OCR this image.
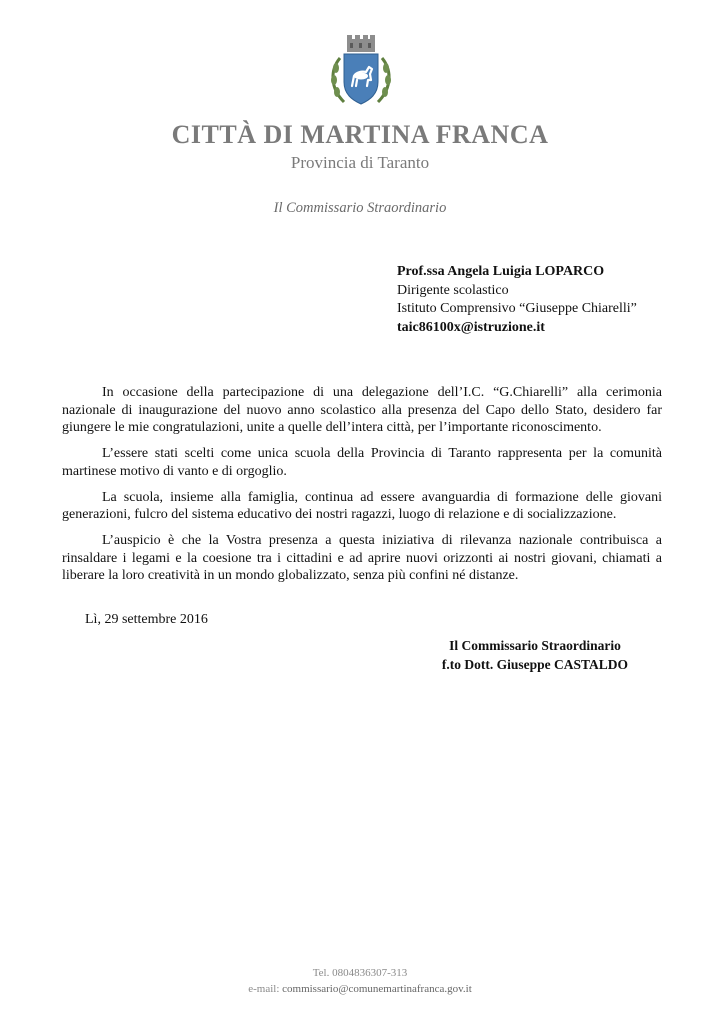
CITTÀ DI MARTINA FRANCA
Provincia di Taranto
Il Commissario Straordinario
Prof.ssa Angela Luigia LOPARCO
Dirigente scolastico
Istituto Comprensivo “Giuseppe Chiarelli”
taic86100x@istruzione.it

In occasione della partecipazione di una delegazione dell’I.C. “G.Chiarelli” alla cerimonia nazionale di inaugurazione del nuovo anno scolastico alla presenza del Capo dello Stato, desidero far giungere le mie congratulazioni, unite a quelle dell’intera città, per l’importante riconoscimento.

L’essere stati scelti come unica scuola della Provincia di Taranto rappresenta per la comunità martinese motivo di vanto e di orgoglio.

La scuola, insieme alla famiglia, continua ad essere avanguardia di formazione delle giovani generazioni, fulcro del sistema educativo dei nostri ragazzi, luogo di relazione e di socializzazione.

L’auspicio è che la Vostra presenza a questa iniziativa di rilevanza nazionale contribuisca a rinsaldare i legami e la coesione tra i cittadini e ad aprire nuovi orizzonti ai nostri giovani, chiamati a liberare la loro creatività in un mondo globalizzato, senza più confini né distanze.

Lì, 29 settembre 2016
Il Commissario Straordinario
f.to Dott. Giuseppe CASTALDO
Tel. 0804836307-313
e-mail: commissario@comunemartinafranca.gov.it
